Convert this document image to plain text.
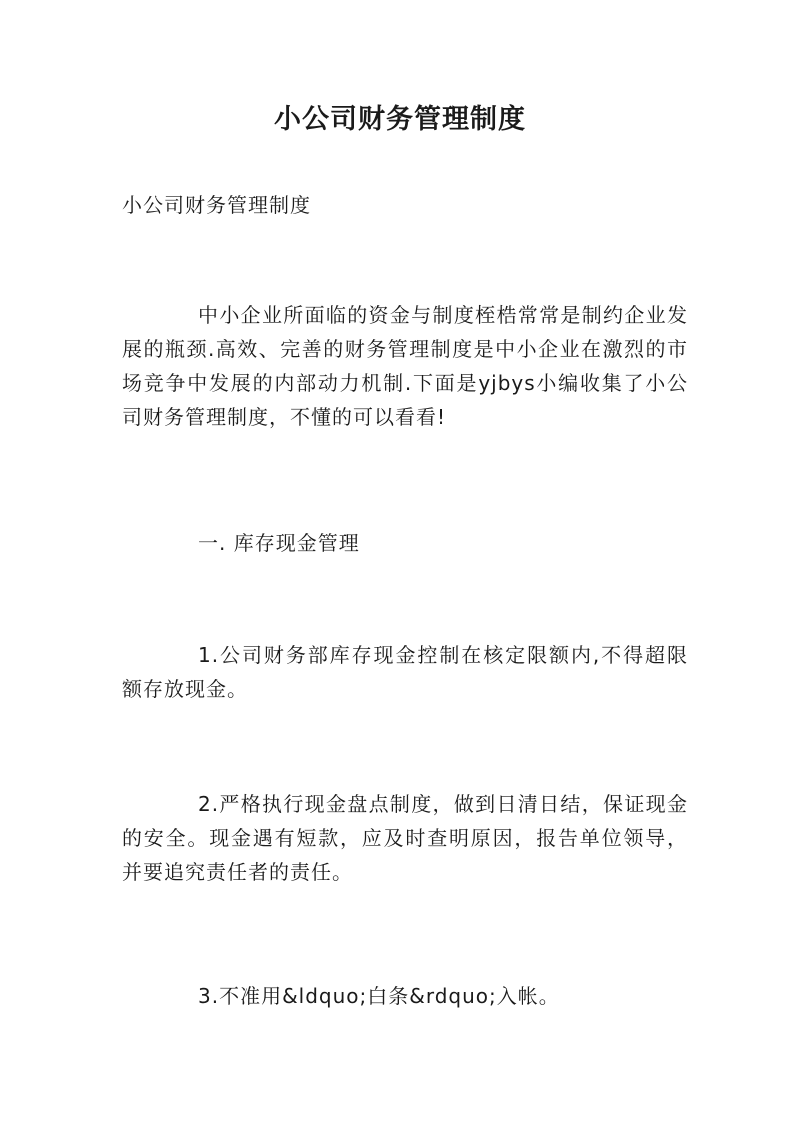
小公司财务管理制度
小公司财务管理制度

中小企业所面临的资金与制度桎梏常常是制约企业发展的瓶颈.高效、完善的财务管理制度是中小企业在激烈的市场竞争中发展的内部动力机制.下面是yjbys小编收集了小公司财务管理制度，不懂的可以看看!

一. 库存现金管理

1.公司财务部库存现金控制在核定限额内,不得超限额存放现金。

2.严格执行现金盘点制度，做到日清日结，保证现金的安全。现金遇有短款，应及时查明原因，报告单位领导，并要追究责任者的责任。

3.不准用&ldquo;白条&rdquo;入帐。
